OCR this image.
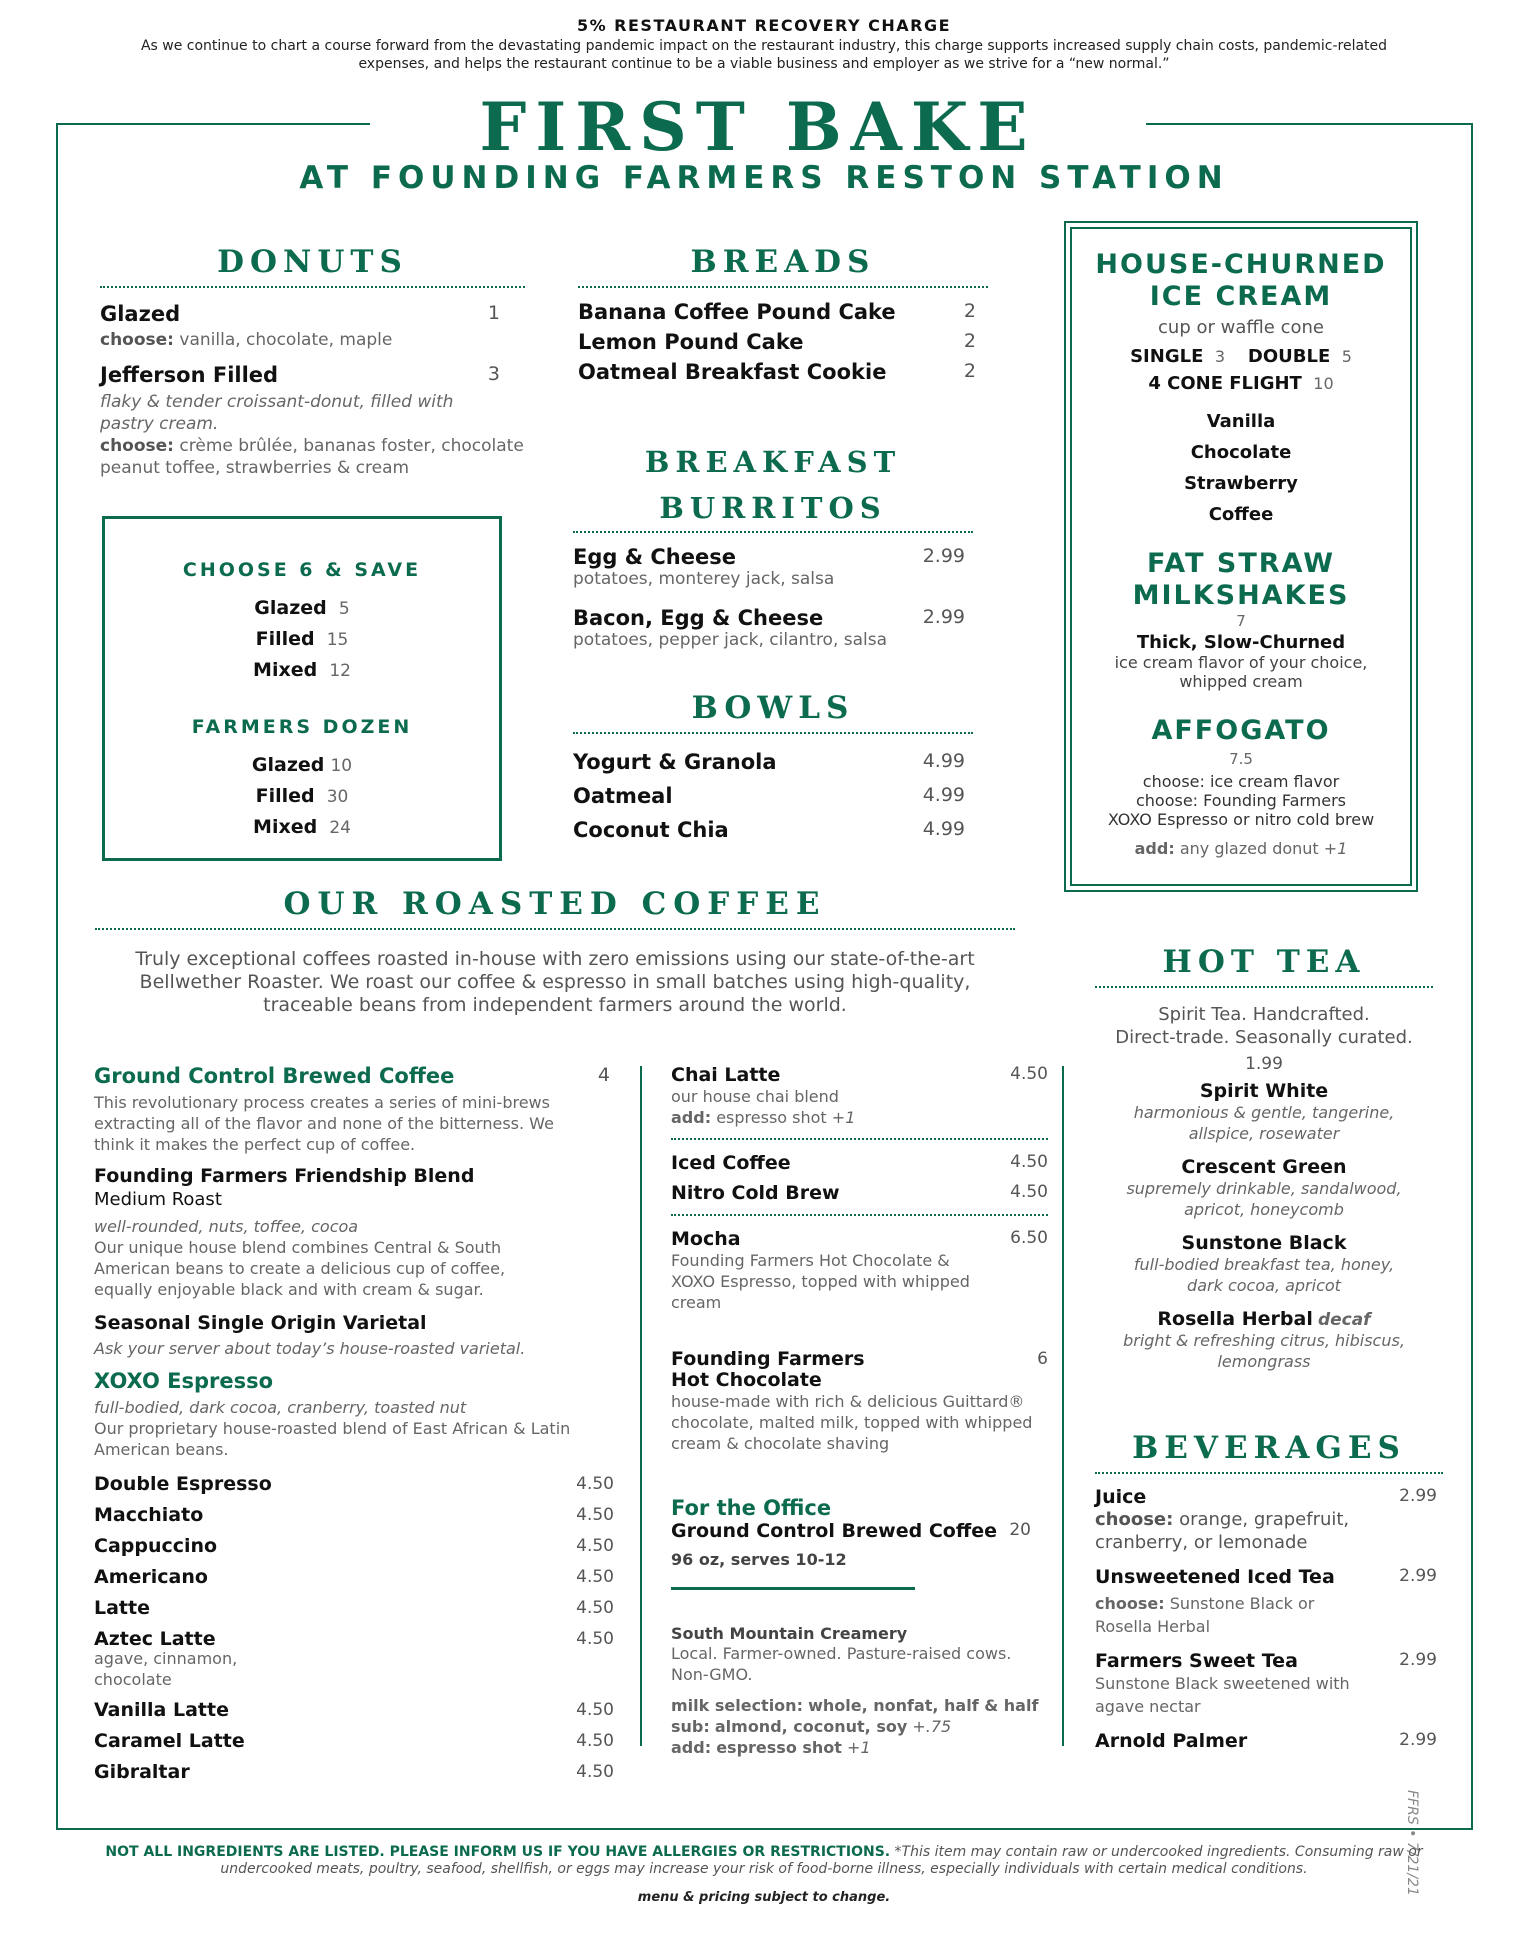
5% RESTAURANT RECOVERY CHARGE
As we continue to chart a course forward from the devastating pandemic impact on the restaurant industry, this charge supports increased supply chain costs, pandemic-related expenses, and helps the restaurant continue to be a viable business and employer as we strive for a “new normal.”
FIRST BAKE
AT FOUNDING FARMERS RESTON STATION
DONUTS
Glazed	1
choose: vanilla, chocolate, maple
Jefferson Filled	3
flaky & tender croissant-donut, filled with pastry cream.
choose: crème brûlée, bananas foster, chocolate peanut toffee, strawberries & cream
CHOOSE 6 & SAVE
Glazed 5
Filled 15
Mixed 12
FARMERS DOZEN
Glazed 10
Filled 30
Mixed 24
BREADS
Banana Coffee Pound Cake	2
Lemon Pound Cake	2
Oatmeal Breakfast Cookie	2
BREAKFAST
BURRITOS
Egg & Cheese	2.99
potatoes, monterey jack, salsa
Bacon, Egg & Cheese	2.99
potatoes, pepper jack, cilantro, salsa
BOWLS
Yogurt & Granola	4.99
Oatmeal	4.99
Coconut Chia	4.99
HOUSE-CHURNED
ICE CREAM
cup or waffle cone
SINGLE 3 DOUBLE 5
4 CONE FLIGHT 10
Vanilla
Chocolate
Strawberry
Coffee
FAT STRAW
MILKSHAKES
7
Thick, Slow-Churned
ice cream flavor of your choice, whipped cream
AFFOGATO
7.5
choose: ice cream flavor
choose: Founding Farmers
XOXO Espresso or nitro cold brew
add: any glazed donut +1
OUR ROASTED COFFEE
Truly exceptional coffees roasted in-house with zero emissions using our state-of-the-art Bellwether Roaster. We roast our coffee & espresso in small batches using high-quality, traceable beans from independent farmers around the world.
Ground Control Brewed Coffee	4
This revolutionary process creates a series of mini-brews extracting all of the flavor and none of the bitterness. We think it makes the perfect cup of coffee.
Founding Farmers Friendship Blend
Medium Roast
well-rounded, nuts, toffee, cocoa
Our unique house blend combines Central & South American beans to create a delicious cup of coffee, equally enjoyable black and with cream & sugar.
Seasonal Single Origin Varietal
Ask your server about today’s house-roasted varietal.
XOXO Espresso
full-bodied, dark cocoa, cranberry, toasted nut
Our proprietary house-roasted blend of East African & Latin American beans.
Double Espresso	4.50
Macchiato	4.50
Cappuccino	4.50
Americano	4.50
Latte	4.50
Aztec Latte	4.50
agave, cinnamon, chocolate
Vanilla Latte	4.50
Caramel Latte	4.50
Gibraltar	4.50
Chai Latte	4.50
our house chai blend
add: espresso shot +1
Iced Coffee	4.50
Nitro Cold Brew	4.50
Mocha	6.50
Founding Farmers Hot Chocolate & XOXO Espresso, topped with whipped cream
Founding Farmers
Hot Chocolate
6
house-made with rich & delicious Guittard® chocolate, malted milk, topped with whipped cream & chocolate shaving
For the Office
Ground Control Brewed Coffee 20
96 oz, serves 10-12
South Mountain Creamery
Local. Farmer-owned. Pasture-raised cows. Non-GMO.
milk selection: whole, nonfat, half & half
sub: almond, coconut, soy +.75
add: espresso shot +1
HOT TEA
Spirit Tea. Handcrafted.
Direct-trade. Seasonally curated.
1.99
Spirit White
harmonious & gentle, tangerine, allspice, rosewater
Crescent Green
supremely drinkable, sandalwood, apricot, honeycomb
Sunstone Black
full-bodied breakfast tea, honey, dark cocoa, apricot
Rosella Herbal decaf
bright & refreshing citrus, hibiscus, lemongrass
BEVERAGES
Juice	2.99
choose: orange, grapefruit, cranberry, or lemonade
Unsweetened Iced Tea	2.99
choose: Sunstone Black or Rosella Herbal
Farmers Sweet Tea	2.99
Sunstone Black sweetened with agave nectar
Arnold Palmer	2.99
FFRS • 7/21/21
NOT ALL INGREDIENTS ARE LISTED. PLEASE INFORM US IF YOU HAVE ALLERGIES OR RESTRICTIONS. *This item may contain raw or undercooked ingredients. Consuming raw or undercooked meats, poultry, seafood, shellfish, or eggs may increase your risk of food-borne illness, especially individuals with certain medical conditions.
menu & pricing subject to change.
